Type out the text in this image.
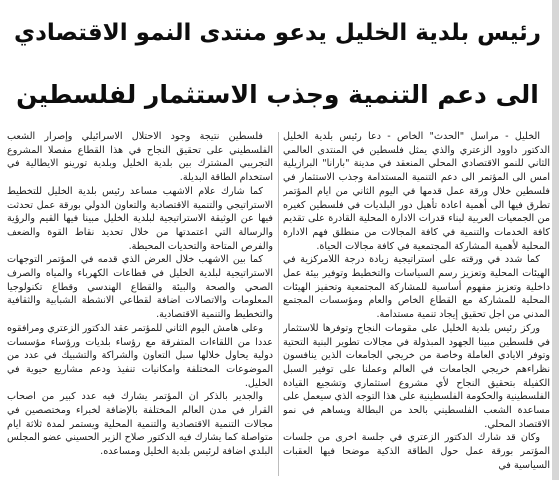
رئيس بلدية الخليل يدعو منتدى النمو الاقتصادي
الى دعم التنمية وجذب الاستثمار لفلسطين

الخليل - مراسل "الحدث" الخاص - دعا رئيس بلدية الخليل الدكتور داوود الزعتري والذي يمثل فلسطين في المنتدى العالمي الثاني للنمو الاقتصادي المحلي المنعقد في مدينة "بارانا" البرازيلية امس الى المؤتمر الى دعم التنمية المستدامة وجذب الاستثمار في فلسطين خلال ورقة عمل قدمها في اليوم الثاني من ايام المؤتمر تطرق فيها الى أهمية اعادة تأهيل دور البلديات في فلسطين كغيره من الجمعيات العربية لبناء قدرات الادارة المحلية القادرة على تقديم كافة الخدمات والتنمية في كافة المجالات من منطلق فهم الادارة المحلية لأهمية المشاركة المجتمعية في كافة مجالات الحياة.

كما شدد في ورقته على استراتيجية زيادة درجة اللامركزية في الهيئات المحلية وتعزيز رسم السياسات والتخطيط وتوفير بيئة عمل داخلية وتعزيز مفهوم أساسية للمشاركة المجتمعية وتحفيز الهيئات المحلية للمشاركة مع القطاع الخاص والعام ومؤسسات المجتمع المدني من اجل تحقيق إيجاد تنمية مستدامة.

وركز رئيس بلدية الخليل على مقومات النجاح وتوفرها للاستثمار في فلسطين مبينا الجهود المبذولة في مجالات تطوير البنية التحتية وتوفر الايادي العاملة وخاصة من خريجي الجامعات الذين ينافسون نظراءهم خريجي الجامعات في العالم وعملنا على توفير السبل الكفيلة بتحقيق النجاح لأي مشروع استثماري وتشجيع القيادة الفلسطينية والحكومة الفلسطينية على هذا التوجه الذي سيعمل على مساعدة الشعب الفلسطيني بالحد من البطالة ويساهم في نمو الاقتصاد المحلي.

وكان قد شارك الدكتور الزعتري في جلسة اخرى من جلسات المؤتمر بورقة عمل حول الطاقة الذكية موضحا فيها العقبات السياسية في

فلسطين نتيجة وجود الاحتلال الاسرائيلي وإصرار الشعب الفلسطيني على تحقيق النجاح في هذا القطاع مفصلا المشروع التجريبي المشترك بين بلدية الخليل وبلدية تورينو الايطالية في استخدام الطاقة البديلة.

كما شارك علام الاشهب مساعد رئيس بلدية الخليل للتخطيط الاستراتيجي والتنمية الاقتصادية والتعاون الدولي بورقة عمل تحدثت فيها عن الوثيقة الاستراتيجية لبلدية الخليل مبينا فيها القيم والرؤية والرسالة التي اعتمدتها من خلال تحديد نقاط القوة والضعف والفرص المتاحة والتحديات المحيطة.

كما بين الاشهب خلال العرض الذي قدمه في المؤتمر التوجهات الاستراتيجية لبلدية الخليل في قطاعات الكهرباء والمياه والصرف الصحي والصحة والبيئة والقطاع الهندسي وقطاع تكنولوجيا المعلومات والاتصالات اضافة لقطاعي الانشطة الشبابية والثقافية والتخطيط والتنمية الاقتصادية.

وعلى هامش اليوم الثاني للمؤتمر عقد الدكتور الزعتري ومرافقوه عددا من اللقاءات المتفرقة مع رؤساء بلديات ورؤساء مؤسسات دولية يحاول خلالها سبل التعاون والشراكة والتشبيك في عدد من الموضوعات المختلفة وامكانيات تنفيذ ودعم مشاريع حيوية في الخليل.

والجدير بالذكر ان المؤتمر يشارك فيه عدد كبير من اصحاب القرار في مدن العالم المختلفة بالإضافة لخبراء ومختصصين في مجالات التنمية الاقتصادية والتنمية المحلية ويستمر لمدة ثلاثة ايام متواصلة كما يشارك فيه الدكتور صلاح الزير الحسيني عضو المجلس البلدي اضافة لرئيس بلدية الخليل ومساعده.
